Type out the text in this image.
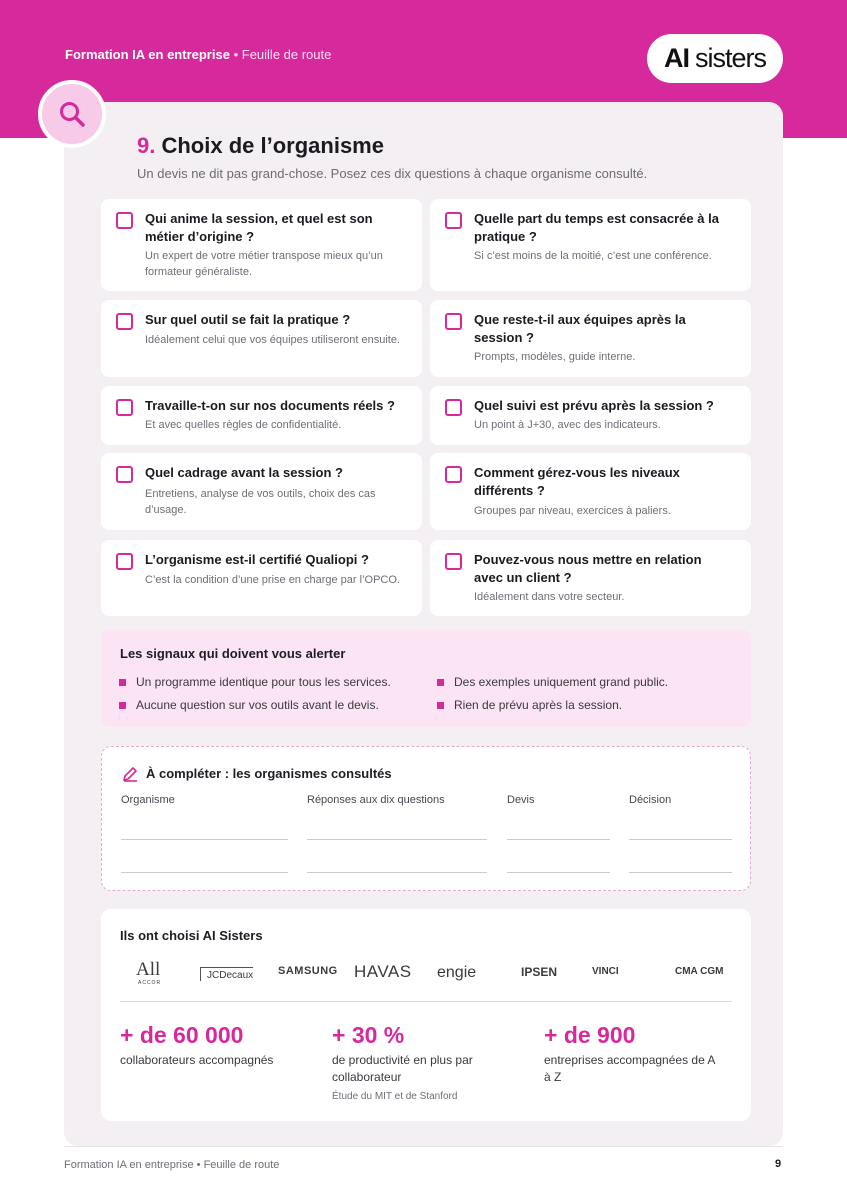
Formation IA en entreprise • Feuille de route	AI sisters
9. Choix de l’organisme
Un devis ne dit pas grand-chose. Posez ces dix questions à chaque organisme consulté.
Qui anime la session, et quel est son métier d’origine ?
Un expert de votre métier transpose mieux qu’un formateur généraliste.
Quelle part du temps est consacrée à la pratique ?
Si c’est moins de la moitié, c’est une conférence.
Sur quel outil se fait la pratique ?
Idéalement celui que vos équipes utiliseront ensuite.
Que reste-t-il aux équipes après la session ?
Prompts, modèles, guide interne.
Travaille-t-on sur nos documents réels ?
Et avec quelles règles de confidentialité.
Quel suivi est prévu après la session ?
Un point à J+30, avec des indicateurs.
Quel cadrage avant la session ?
Entretiens, analyse de vos outils, choix des cas d’usage.
Comment gérez-vous les niveaux différents ?
Groupes par niveau, exercices à paliers.
L’organisme est-il certifié Qualiopi ?
C’est la condition d’une prise en charge par l’OPCO.
Pouvez-vous nous mettre en relation avec un client ?
Idéalement dans votre secteur.
Les signaux qui doivent vous alerter
Un programme identique pour tous les services.	Des exemples uniquement grand public.
Aucune question sur vos outils avant le devis.	Rien de prévu après la session.
À compléter : les organismes consultés
Organisme	Réponses aux dix questions	Devis	Décision
Ils ont choisi AI Sisters
All
ACCOR
JCDecaux SAMSUNG HAVAS engie	IPSEN	VINCI	CMA CGM
+ de 60 000
collaborateurs accompagnés
+ 30 %
de productivité en plus par collaborateur
Étude du MIT et de Stanford
+ de 900
entreprises accompagnées de A à Z
Formation IA en entreprise • Feuille de route	9
